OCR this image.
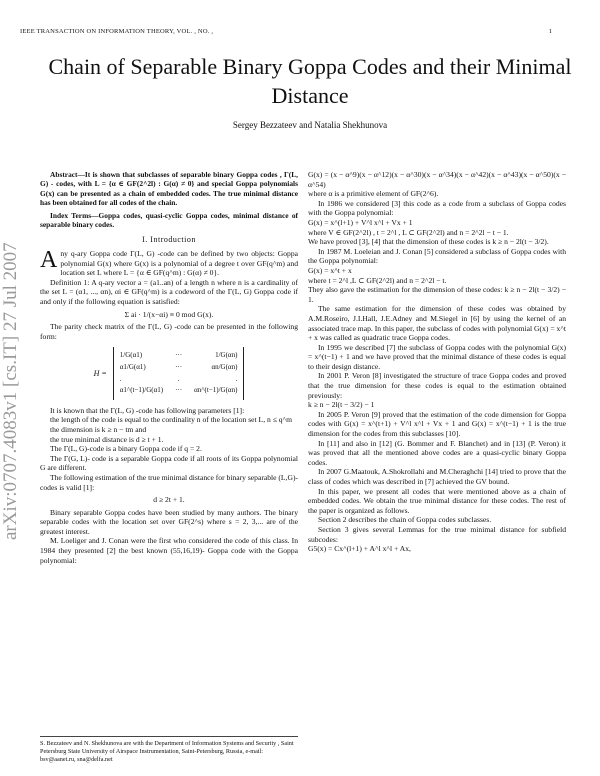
IEEE TRANSACTION ON INFORMATION THEORY, VOL. , NO. ,	1
Chain of Separable Binary Goppa Codes and their Minimal Distance
Sergey Bezzateev and Natalia Shekhunova
arXiv:0707.4083v1 [cs.IT] 27 Jul 2007

Abstract—It is shown that subclasses of separable binary Goppa codes , Γ(L, G) - codes, with L = {α ∈ GF(2^2l) : G(α) ≠ 0} and special Goppa polynomials G(x) can be presented as a chain of embedded codes. The true minimal distance has been obtained for all codes of the chain.

Index Terms—Goppa codes, quasi-cyclic Goppa codes, minimal distance of separable binary codes.

I. Introduction

A ny q-ary Goppa code Γ(L, G) -code can be defined by two objects: Goppa polynomial G(x) where G(x) is a polynomial of a degree t over GF(q^m) and location set L where L = {α ∈ GF(q^m) : G(α) ≠ 0}.

Definition 1: A q-ary vector a = (a1..an) of a length n where n is a cardinality of the set L = (α1, ..., αn), αi ∈ GF(q^m) is a codeword of the Γ(L, G) Goppa code if and only if the following equation is satisfied:

Σ ai · 1/(x−αi) ≡ 0 mod G(x).

The parity check matrix of the Γ(L, G) -code can be presented in the following form:

H =
1/G(α1)	···	1/G(αn)
α1/G(α1)	···	αn/G(αn)
.	.	.
α1^(t−1)/G(α1) ··· αn^(t−1)/G(αn)

It is known that the Γ(L, G) -code has following parameters [1]:

the length of the code is equal to the cordinality n of the location set L, n ≤ q^m

the dimension is k ≥ n − tm and

the true minimal distance is d ≥ t + 1.

The Γ(L, G)-code is a binary Goppa code if q = 2.

The Γ(G, L)- code is a separable Goppa code if all roots of its Goppa polynomial G are different.

The following estimation of the true minimal distance for binary separable (L,G)-codes is valid [1]:

d ≥ 2t + 1.

Binary separable Goppa codes have been studied by many authors. The binary separable codes with the location set over GF(2^s) where s = 2, 3,... are of the greatest interest.

M. Loeliger and J. Conan were the first who considered the code of this class. In 1984 they presented [2] the best known (55,16,19)- Goppa code with the Goppa polynomial:

S. Bezzateev and N. Shekhunova are with the Department of Information Systems and Security , Saint Petersburg State University of Airspace Instrumentation, Saint-Petersburg, Russia, e-mail: bsv@aanet.ru, sna@delfa.net

G(x) = (x − α^9)(x − α^12)(x − α^30)(x − α^34)(x − α^42)(x − α^43)(x − α^50)(x − α^54)

where α is a primitive element of GF(2^6).

In 1986 we considered [3] this code as a code from a subclass of Goppa codes with the Goppa polynomial:

G(x) = x^(l+1) + V^l x^l + Vx + 1

where V ∈ GF(2^2l) , t = 2^l , L ⊂ GF(2^2l) and n = 2^2l − t − 1.

We have proved [3], [4] that the dimension of these codes is k ≥ n − 2l(t − 3/2).

In 1987 M. Loeleian and J. Conan [5] considered a subclass of Goppa codes with the Goppa polynomial:

G(x) = x^t + x

where t = 2^l ,L ⊂ GF(2^2l) and n = 2^2l − t.

They also gave the estimation for the dimension of these codes: k ≥ n − 2l(t − 3/2) − 1.

The same estimation for the dimension of these codes was obtained by A.M.Roseiro, J.I.Hall, J.E.Adney and M.Siegel in [6] by using the kernel of an associated trace map. In this paper, the subclass of codes with polynomial G(x) = x^t + x was called as quadratic trace Goppa codes.

In 1995 we described [7] the subclass of Goppa codes with the polynomial G(x) = x^(t−1) + 1 and we have proved that the minimal distance of these codes is equal to their design distance.

In 2001 P. Veron [8] investigated the structure of trace Goppa codes and proved that the true dimension for these codes is equal to the estimation obtained previously:

k ≥ n − 2l(t − 3/2) − 1

In 2005 P. Veron [9] proved that the estimation of the code dimension for Goppa codes with G(x) = x^(t+1) + V^l x^l + Vx + 1 and G(x) = x^(t−1) + 1 is the true dimension for the codes from this subclasses [10].

In [11] and also in [12] (G. Bommer and F. Blanchet) and in [13] (P. Veron) it was proved that all the mentioned above codes are a quasi-cyclic binary Goppa codes.

In 2007 G.Maatouk, A.Shokrollahi and M.Cheraghchi [14] tried to prove that the class of codes which was described in [7] achieved the GV bound.

In this paper, we present all codes that were mentioned above as a chain of embedded codes. We obtain the true minimal distance for these codes. The rest of the paper is organized as follows.

Section 2 describes the chain of Goppa codes subclasses.

Section 3 gives several Lemmas for the true minimal distance for subfield subcodes:

G5(x) = Cx^(l+1) + A^l x^l + Ax,
